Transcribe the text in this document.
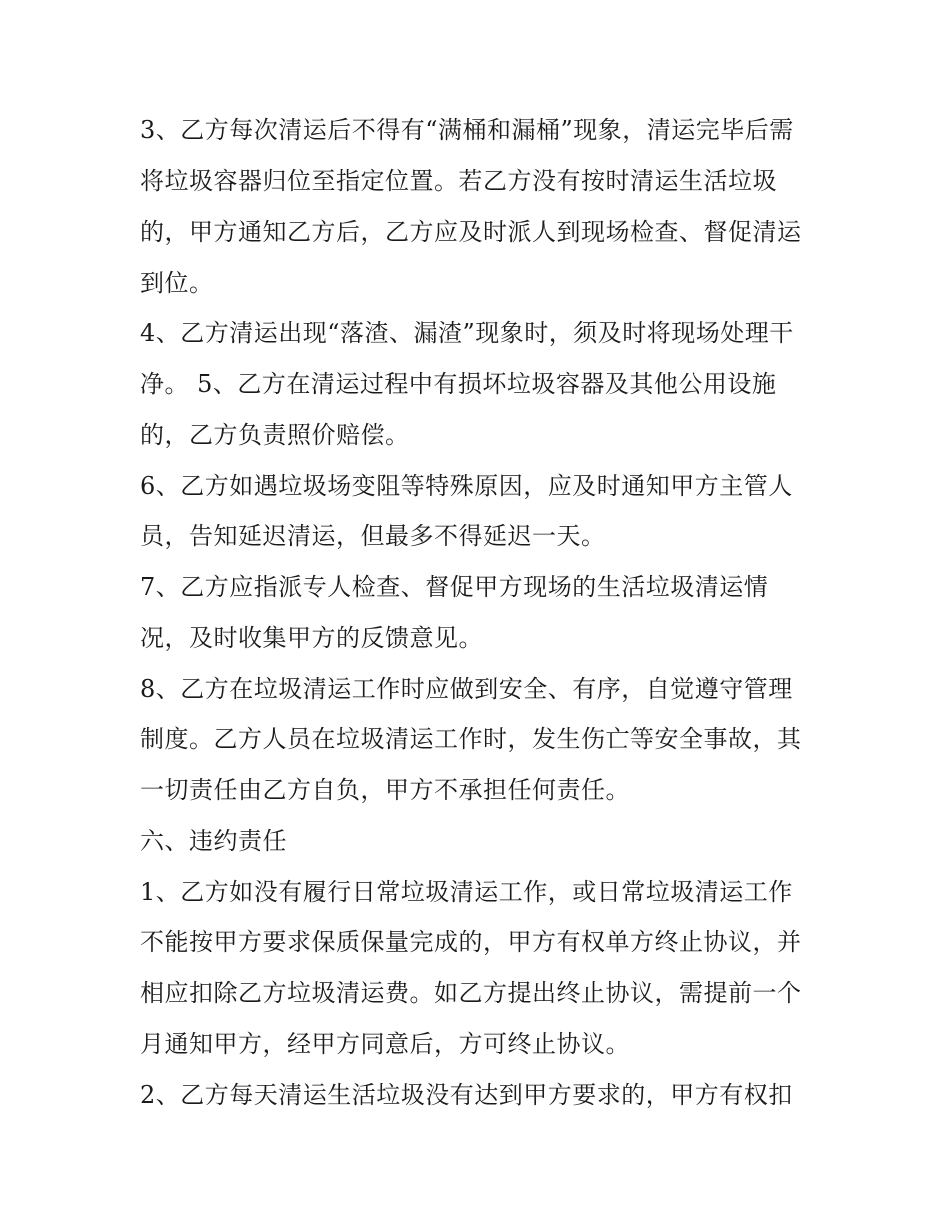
3、乙方每次清运后不得有“满桶和漏桶”现象，清运完毕后需
将垃圾容器归位至指定位置。若乙方没有按时清运生活垃圾
的，甲方通知乙方后，乙方应及时派人到现场检查、督促清运
到位。
4、乙方清运出现“落渣、漏渣”现象时，须及时将现场处理干
净。 5、乙方在清运过程中有损坏垃圾容器及其他公用设施
的，乙方负责照价赔偿。
6、乙方如遇垃圾场变阻等特殊原因，应及时通知甲方主管人
员，告知延迟清运，但最多不得延迟一天。
7、乙方应指派专人检查、督促甲方现场的生活垃圾清运情
况，及时收集甲方的反馈意见。
8、乙方在垃圾清运工作时应做到安全、有序，自觉遵守管理
制度。乙方人员在垃圾清运工作时，发生伤亡等安全事故，其
一切责任由乙方自负，甲方不承担任何责任。
六、违约责任
1、乙方如没有履行日常垃圾清运工作，或日常垃圾清运工作
不能按甲方要求保质保量完成的，甲方有权单方终止协议，并
相应扣除乙方垃圾清运费。如乙方提出终止协议，需提前一个
月通知甲方，经甲方同意后，方可终止协议。
2、乙方每天清运生活垃圾没有达到甲方要求的，甲方有权扣
